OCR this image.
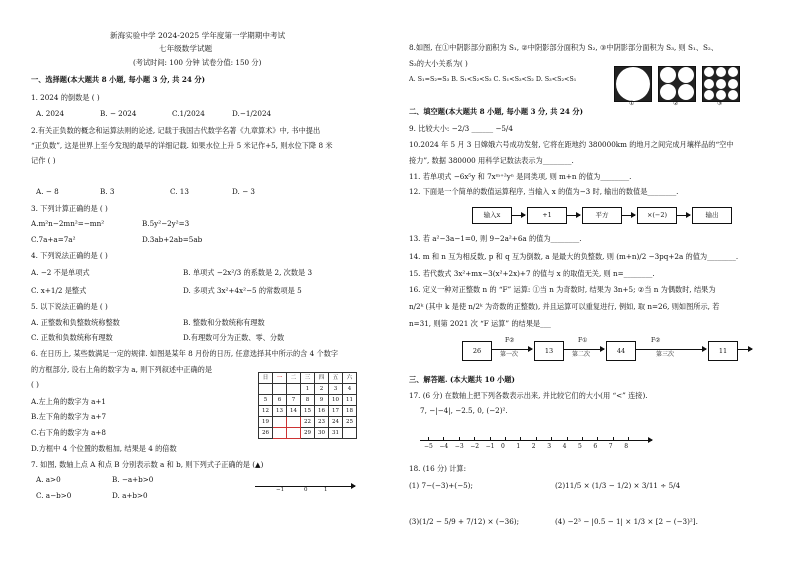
新海实验中学 2024-2025 学年度第一学期期中考试
七年级数学试题
(考试时间: 100 分钟 试卷分值: 150 分)
一、选择题(本大题共 8 小题, 每小题 3 分, 共 24 分)
1. 2024 的倒数是 ( )
A. 2024	B. − 2024	C.1/2024	D.−1/2024
2.有关正负数的概念和运算法则的论述, 记载于我国古代数学名著《九章算术》中, 书中提出
“正负数”, 这是世界上至今发现的最早的详细记载. 如果水位上升 5 米记作+5, 则水位下降 8 米
记作 ( )
A. − 8	B. 3	C. 13	D. − 3
3. 下列计算正确的是 ( )
A.m²n−2mn²=−mn²	B.5y²−2y²=3
C.7a+a=7a²	D.3ab+2ab=5ab
4. 下列说法正确的是 ( )
A. −2 不是单项式	B. 单项式 −2x²/3 的系数是 2, 次数是 3
C. x+1/2 是整式	D. 多项式 3x²+4x²−5 的常数项是 5
5. 以下说法正确的是 ( )
A. 正整数和负整数统称整数	B. 整数和分数统称有理数
C. 正数和负数统称有理数	D.有理数可分为正数、零、分数
6. 在日历上, 某些数满足一定的规律. 如图是某年 8 月份的日历, 任意选择其中所示的含 4 个数字
的方框部分, 设右上角的数字为 a, 则下列叙述中正确的是
( )
A.左上角的数字为 a+1
B.左下角的数字为 a+7
C.右下角的数字为 a+8
D.方框中 4 个位置的数相加, 结果是 4 的倍数
日	一	二	三	四	五	六
			1	2	3	4
5	6	7	8	9	10	11
12	13	14	15	16	17	18
19			22	23	24	25
26			29	30	31	
7. 如图, 数轴上点 A 和点 B 分别表示数 a 和 b, 则下列式子正确的是 (▲)
A. a>0	B. −a+b>0
C. a−b>0	D. a+b>0
−1	0	1
8.如图, 在①中阴影部分面积为 S₁, ②中阴影部分面积为 S₂, ③中阴影部分面积为 S₃, 则 S₁、S₂、
S₃的大小关系为( )
A. S₁=S₂=S₃ B. S₁<S₂<S₃ C. S₁<S₃<S₂ D. S₃<S₂<S₁
①	②	③
二、填空题(本大题共 8 小题, 每小题 3 分, 共 24 分)
9. 比较大小: −2/3 ______ −5/4
10.2024 年 5 月 3 日嫦娥六号成功发射, 它将在距地约 380000km 的地月之间完成月壤样品的“空中
接力”, 数据 380000 用科学记数法表示为________.
11. 若单项式 −6x⁵y 和 7xᵐ⁺²yⁿ 是同类项, 则 m+n 的值为________.
12. 下面是一个简单的数值运算程序, 当输入 x 的值为−3 时, 输出的数值是________.
输入x	+1	平方	×(−2)	输出
13. 若 a²−3a−1=0, 则 9−2a²+6a 的值为________.
14. m 和 n 互为相反数, p 和 q 互为倒数, a 是最大的负整数, 则 (m+n)/2 −3pq+2a 的值为________.
15. 若代数式 3x²+mx−3(x²+2x)+7 的值与 x 的取值无关, 则 n=________.
16. 定义一种对正整数 n 的 “F” 运算: ①当 n 为奇数时, 结果为 3n+5; ②当 n 为偶数时, 结果为
n/2ᵏ (其中 k 是使 n/2ᵏ 为奇数的正整数), 并且运算可以重复进行, 例如, 取 n=26, 则如图所示, 若
n=31, 则第 2021 次 “F 运算” 的结果是___
26
F②
第一次	13
F①
第二次	44
F②
第三次	11
三、解答题. (本大题共 10 小题)
17. (6 分) 在数轴上把下列各数表示出来, 并比较它们的大小(用 “<” 连接).
7, −|−4|, −2.5, 0, (−2)².
−5 −4 −3 −2 −1 0 1 2 3 4 5 6 7 8
18. (16 分) 计算:
(1) 7−(−3)+(−5);	(2)11/5 × (1/3 − 1/2) × 3/11 ÷ 5/4
(3)(1/2 − 5/9 + 7/12) × (−36);	(4) −2³ − |0.5 − 1| × 1/3 × [2 − (−3)²].
